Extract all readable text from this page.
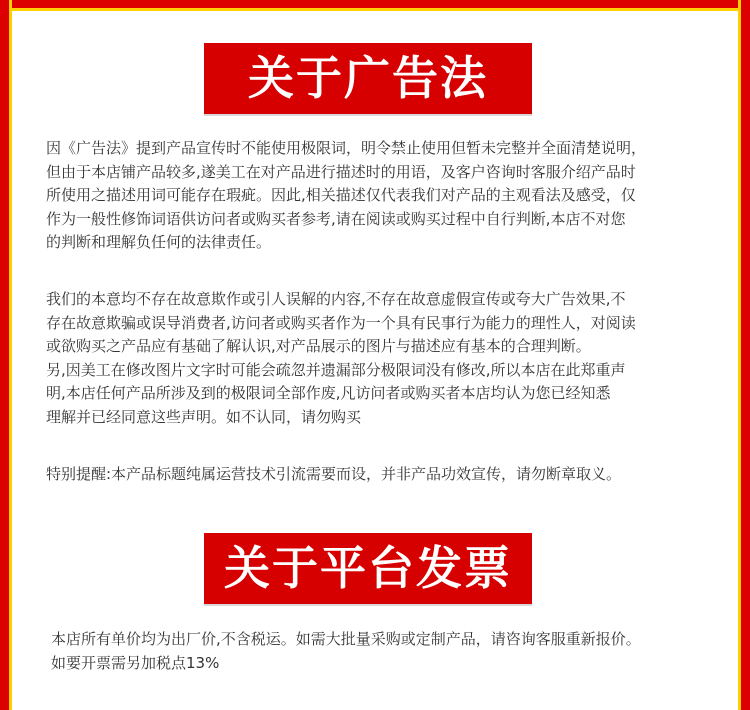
关于广告法
因《广告法》提到产品宣传时不能使用极限词，明令禁止使用但暂未完整并全面清楚说明，
但由于本店铺产品较多,遂美工在对产品进行描述时的用语，及客户咨询时客服介绍产品时
所使用之描述用词可能存在瑕疵。因此,相关描述仅代表我们对产品的主观看法及感受，仅
作为一般性修饰词语供访问者或购买者参考,请在阅读或购买过程中自行判断,本店不对您
的判断和理解负任何的法律责任。
我们的本意均不存在故意欺作或引人误解的内容,不存在故意虚假宣传或夸大广告效果,不
存在故意欺骗或误导消费者,访问者或购买者作为一个具有民事行为能力的理性人，对阅读
或欲购买之产品应有基础了解认识,对产品展示的图片与描述应有基本的合理判断。
另,因美工在修改图片文字时可能会疏忽并遗漏部分极限词没有修改,所以本店在此郑重声
明,本店任何产品所涉及到的极限词全部作废,凡访问者或购买者本店均认为您已经知悉
理解并已经同意这些声明。如不认同，请勿购买
特别提醒:本产品标题纯属运营技术引流需要而设，并非产品功效宣传，请勿断章取义。
关于平台发票
本店所有单价均为出厂价,不含税运。如需大批量采购或定制产品，请咨询客服重新报价。
如要开票需另加税点13%
